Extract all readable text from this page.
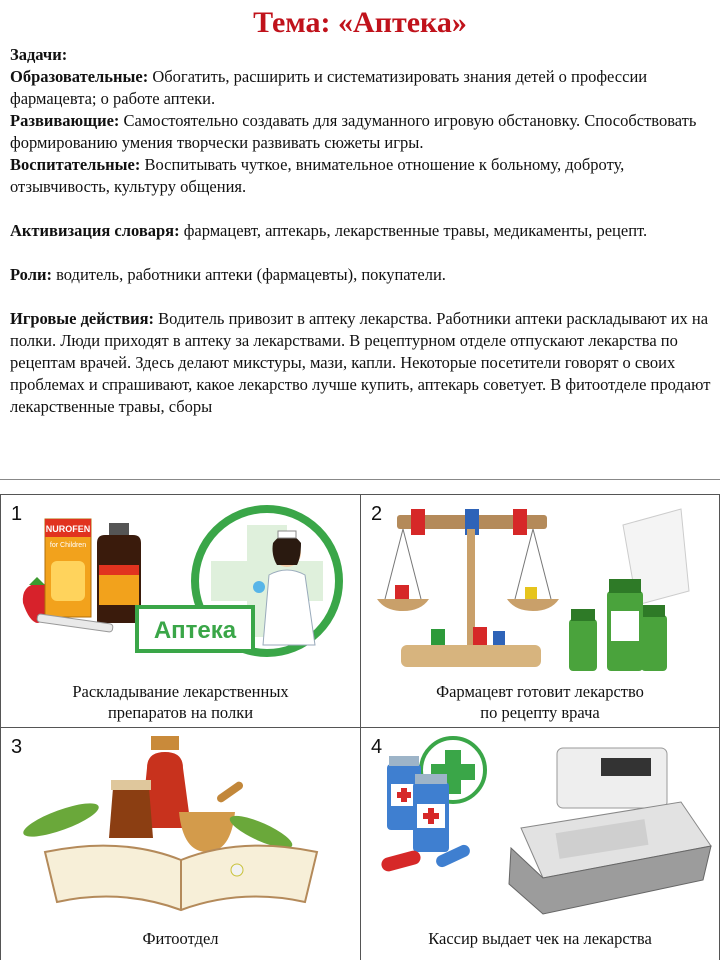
Тема: «Аптека»

Задачи:

Образовательные: Обогатить, расширить и систематизировать знания детей о профессии фармацевта; о работе аптеки.

Развивающие: Самостоятельно создавать для задуманного игровую обстановку. Способствовать формированию умения творчески развивать сюжеты игры.

Воспитательные: Воспитывать чуткое, внимательное отношение к больному, доброту, отзывчивость, культуру общения.

Активизация словаря: фармацевт, аптекарь, лекарственные травы, медикаменты, рецепт.

Роли: водитель, работники аптеки (фармацевты), покупатели.

Игровые действия: Водитель привозит в аптеку лекарства. Работники аптеки раскладывают их на полки. Люди приходят в аптеку за лекарствами. В рецептурном отделе отпускают лекарства по рецептам врачей. Здесь делают микстуры, мази, капли. Некоторые посетители говорят о своих проблемах и спрашивают, какое лекарство лучше купить, аптекарь советует. В фитоотделе продают лекарственные травы, сборы

NUROFEN
for Children
Аптека
1
Раскладывание лекарственных
препаратов на полки
2
Фармацевт готовит лекарство
по рецепту врача
3
Фитоотдел
4
Кассир выдает чек на лекарства
